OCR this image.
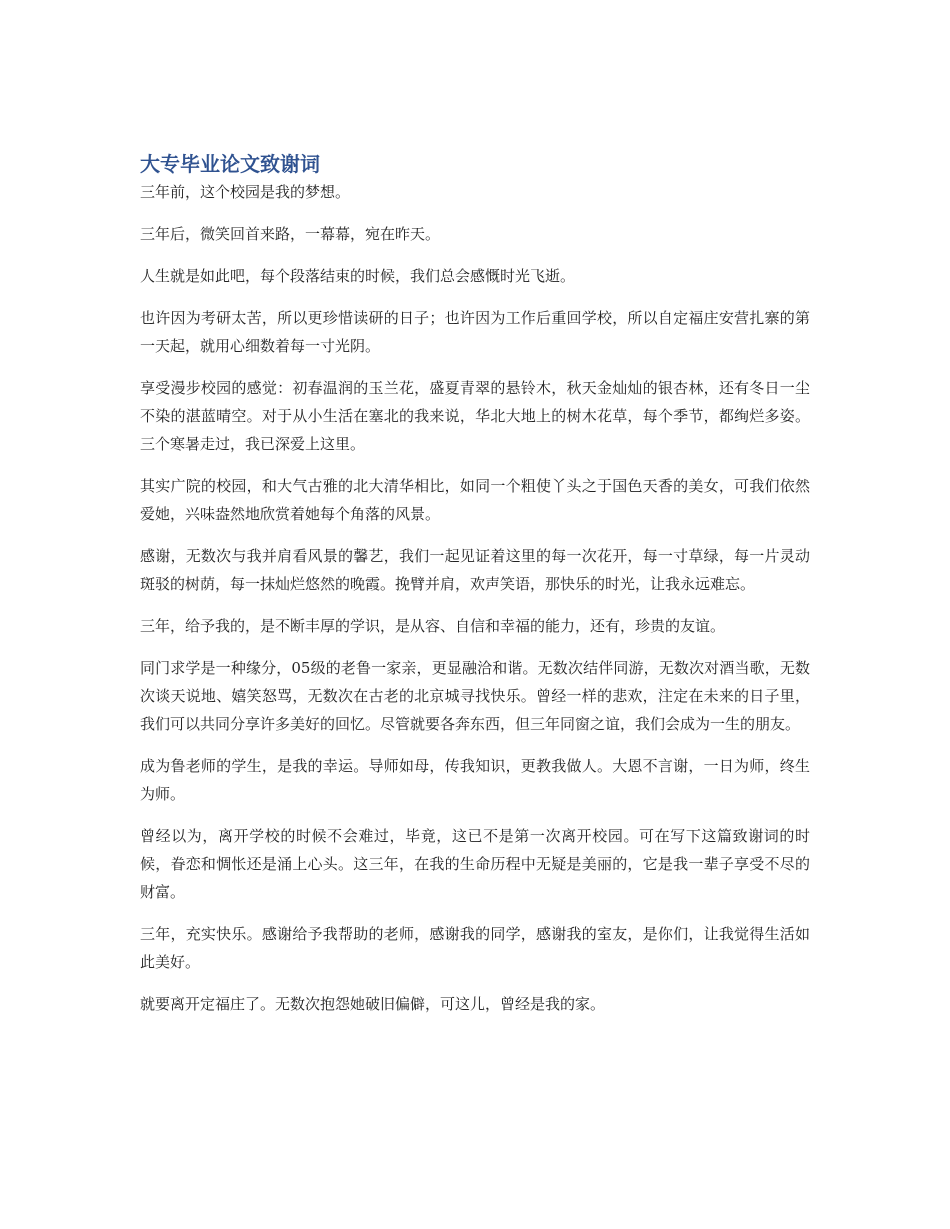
大专毕业论文致谢词

三年前，这个校园是我的梦想。

三年后，微笑回首来路，一幕幕，宛在昨天。

人生就是如此吧，每个段落结束的时候，我们总会感慨时光飞逝。

也许因为考研太苦，所以更珍惜读研的日子；也许因为工作后重回学校，所以自定福庄安营扎寨的第一天起，就用心细数着每一寸光阴。

享受漫步校园的感觉：初春温润的玉兰花，盛夏青翠的悬铃木，秋天金灿灿的银杏林，还有冬日一尘不染的湛蓝晴空。对于从小生活在塞北的我来说，华北大地上的树木花草，每个季节，都绚烂多姿。三个寒暑走过，我已深爱上这里。

其实广院的校园，和大气古雅的北大清华相比，如同一个粗使丫头之于国色天香的美女，可我们依然爱她，兴味盎然地欣赏着她每个角落的风景。

感谢，无数次与我并肩看风景的馨艺，我们一起见证着这里的每一次花开，每一寸草绿，每一片灵动斑驳的树荫，每一抹灿烂悠然的晚霞。挽臂并肩，欢声笑语，那快乐的时光，让我永远难忘。

三年，给予我的，是不断丰厚的学识，是从容、自信和幸福的能力，还有，珍贵的友谊。

同门求学是一种缘分，05级的老鲁一家亲，更显融洽和谐。无数次结伴同游，无数次对酒当歌，无数次谈天说地、嬉笑怒骂，无数次在古老的北京城寻找快乐。曾经一样的悲欢，注定在未来的日子里，我们可以共同分享许多美好的回忆。尽管就要各奔东西，但三年同窗之谊，我们会成为一生的朋友。

成为鲁老师的学生，是我的幸运。导师如母，传我知识，更教我做人。大恩不言谢，一日为师，终生为师。

曾经以为，离开学校的时候不会难过，毕竟，这已不是第一次离开校园。可在写下这篇致谢词的时候，眷恋和惆怅还是涌上心头。这三年，在我的生命历程中无疑是美丽的，它是我一辈子享受不尽的财富。

三年，充实快乐。感谢给予我帮助的老师，感谢我的同学，感谢我的室友，是你们，让我觉得生活如此美好。

就要离开定福庄了。无数次抱怨她破旧偏僻，可这儿，曾经是我的家。
